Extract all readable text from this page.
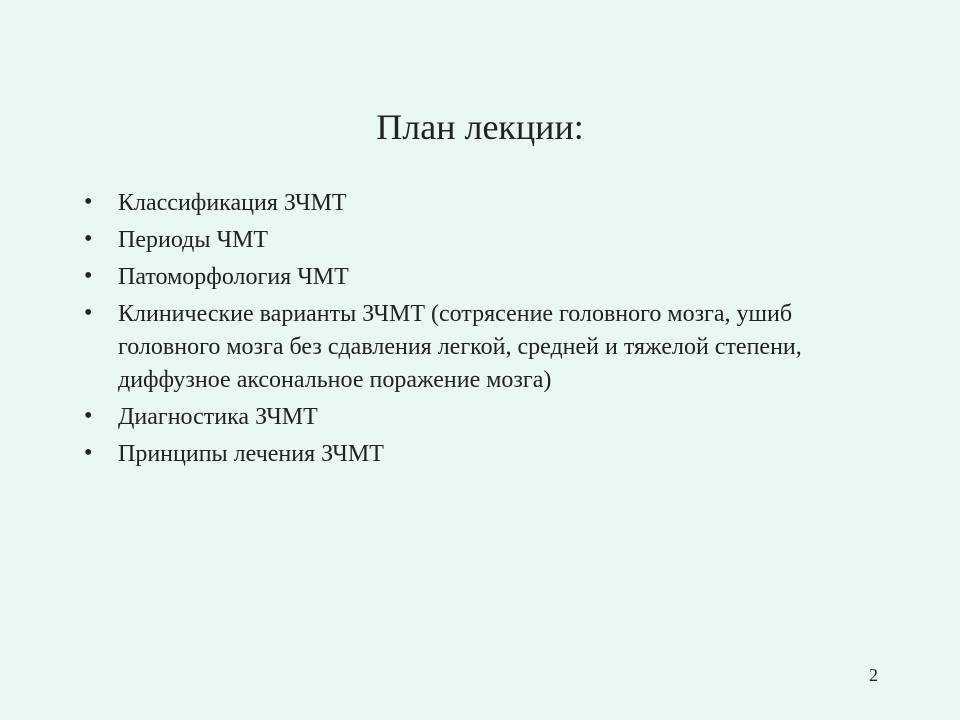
План лекции:
• Классификация ЗЧМТ
• Периоды ЧМТ
• Патоморфология ЧМТ
• Клинические варианты ЗЧМТ (сотрясение головного мозга, ушиб головного мозга без сдавления легкой, средней и тяжелой степени, диффузное аксональное поражение мозга)
• Диагностика ЗЧМТ
• Принципы лечения ЗЧМТ
2
